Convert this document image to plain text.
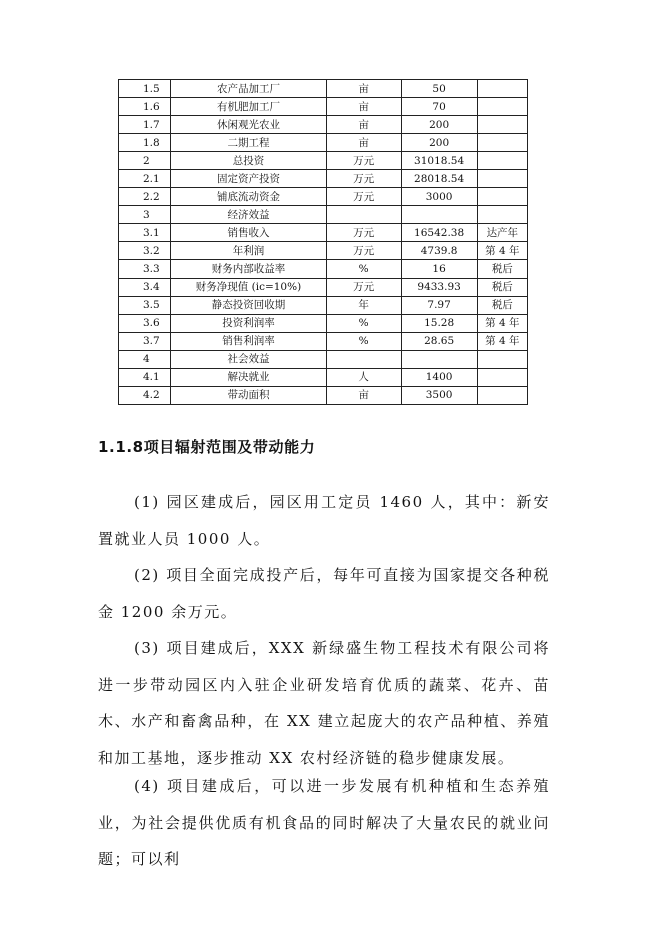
1.5	农产品加工厂	亩	50	
1.6	有机肥加工厂	亩	70	
1.7	休闲观光农业	亩	200	
1.8	二期工程	亩	200	
2	总投资	万元	31018.54	
2.1	固定资产投资	万元	28018.54	
2.2	铺底流动资金	万元	3000	
3	经济效益			
3.1	销售收入	万元	16542.38	达产年
3.2	年利润	万元	4739.8	第 4 年
3.3	财务内部收益率	%	16	税后
3.4	财务净现值 (ic=10%)	万元	9433.93	税后
3.5	静态投资回收期	年	7.97	税后
3.6	投资利润率	%	15.28	第 4 年
3.7	销售利润率	%	28.65	第 4 年
4	社会效益			
4.1	解决就业	人	1400	
4.2	带动面积	亩	3500	
1.1.8项目辐射范围及带动能力

(1) 园区建成后，园区用工定员 1460 人，其中：新安置就业人员 1000 人。

(2) 项目全面完成投产后，每年可直接为国家提交各种税金 1200 余万元。

(3) 项目建成后，XXX 新绿盛生物工程技术有限公司将进一步带动园区内入驻企业研发培育优质的蔬菜、花卉、苗木、水产和畜禽品种，在 XX 建立起庞大的农产品种植、养殖和加工基地，逐步推动 XX 农村经济链的稳步健康发展。

(4) 项目建成后，可以进一步发展有机种植和生态养殖业，为社会提供优质有机食品的同时解决了大量农民的就业问题；可以利
